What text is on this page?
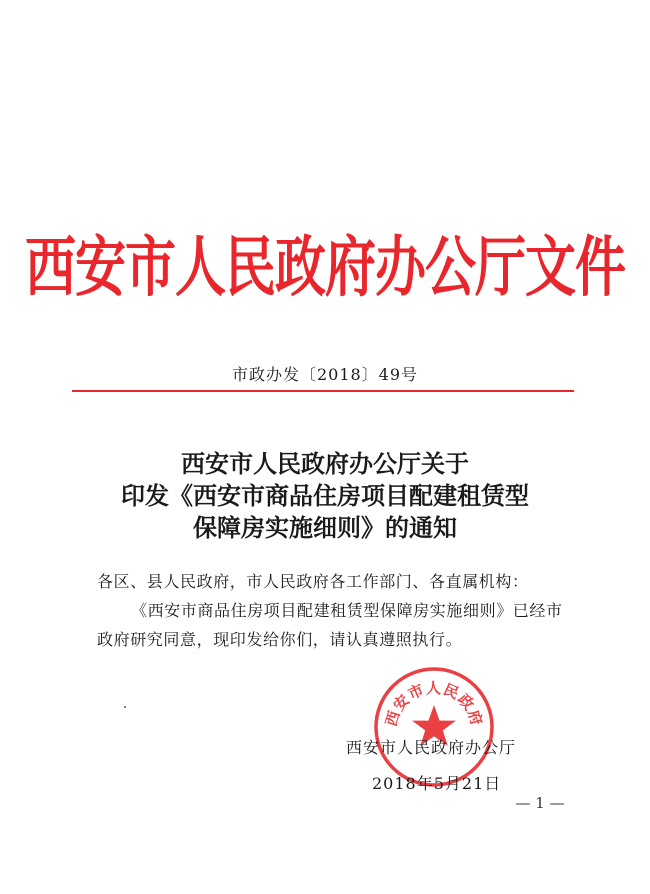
西安市人民政府办公厅文件
市政办发〔2018〕49号
西安市人民政府办公厅关于
印发《西安市商品住房项目配建租赁型
保障房实施细则》的通知

各区、县人民政府，市人民政府各工作部门、各直属机构：

《西安市商品住房项目配建租赁型保障房实施细则》已经市政府研究同意，现印发给你们，请认真遵照执行。

西安市人民政府
西安市人民政府办公厅
2018年5月21日
— 1 —
